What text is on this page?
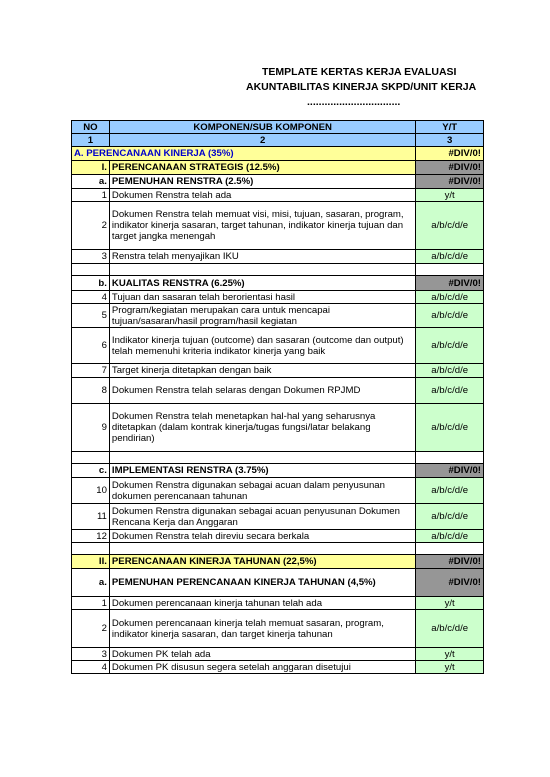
TEMPLATE KERTAS KERJA EVALUASI
AKUNTABILITAS KINERJA SKPD/UNIT KERJA
................................
NO	KOMPONEN/SUB KOMPONEN	Y/T
1	2	3
A. PERENCANAAN KINERJA (35%)		#DIV/0!
I.	PERENCANAAN STRATEGIS (12.5%)	#DIV/0!
a.	PEMENUHAN RENSTRA (2.5%)	#DIV/0!
1	Dokumen Renstra telah ada	y/t
2	Dokumen Renstra telah memuat visi, misi, tujuan, sasaran, program, indikator kinerja sasaran, target tahunan, indikator kinerja tujuan dan target jangka menengah	a/b/c/d/e
3	Renstra telah menyajikan IKU	a/b/c/d/e

b.	KUALITAS RENSTRA (6.25%)	#DIV/0!
4	Tujuan dan sasaran telah berorientasi hasil	a/b/c/d/e
5	Program/kegiatan merupakan cara untuk mencapai tujuan/sasaran/hasil program/hasil kegiatan	a/b/c/d/e
6	Indikator kinerja tujuan (outcome) dan sasaran (outcome dan output) telah memenuhi kriteria indikator kinerja yang baik	a/b/c/d/e
7	Target kinerja ditetapkan dengan baik	a/b/c/d/e
8	Dokumen Renstra telah selaras dengan Dokumen RPJMD	a/b/c/d/e
9	Dokumen Renstra telah menetapkan hal-hal yang seharusnya ditetapkan (dalam kontrak kinerja/tugas fungsi/latar belakang pendirian)	a/b/c/d/e

c.	IMPLEMENTASI RENSTRA (3.75%)	#DIV/0!
10	Dokumen Renstra digunakan sebagai acuan dalam penyusunan dokumen perencanaan tahunan	a/b/c/d/e
11	Dokumen Renstra digunakan sebagai acuan penyusunan Dokumen Rencana Kerja dan Anggaran	a/b/c/d/e
12	Dokumen Renstra telah direviu secara berkala	a/b/c/d/e

II.	PERENCANAAN KINERJA TAHUNAN (22,5%)	#DIV/0!
a.	PEMENUHAN PERENCANAAN KINERJA TAHUNAN (4,5%)	#DIV/0!
1	Dokumen perencanaan kinerja tahunan telah ada	y/t
2	Dokumen perencanaan kinerja telah memuat sasaran, program, indikator kinerja sasaran, dan target kinerja tahunan	a/b/c/d/e
3	Dokumen PK telah ada	y/t
4	Dokumen PK disusun segera setelah anggaran disetujui	y/t
